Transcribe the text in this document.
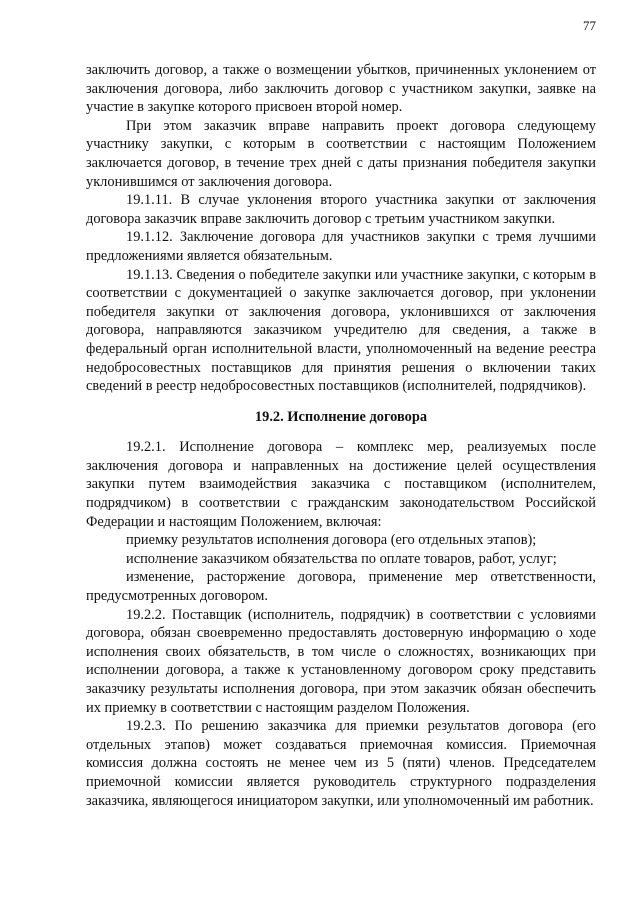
77

заключить договор, а также о возмещении убытков, причиненных уклонением от заключения договора, либо заключить договор с участником закупки, заявке на участие в закупке которого присвоен второй номер.

При этом заказчик вправе направить проект договора следующему участнику закупки, с которым в соответствии с настоящим Положением заключается договор, в течение трех дней с даты признания победителя закупки уклонившимся от заключения договора.

19.1.11. В случае уклонения второго участника закупки от заключения договора заказчик вправе заключить договор с третьим участником закупки.

19.1.12. Заключение договора для участников закупки с тремя лучшими предложениями является обязательным.

19.1.13. Сведения о победителе закупки или участнике закупки, с которым в соответствии с документацией о закупке заключается договор, при уклонении победителя закупки от заключения договора, уклонившихся от заключения договора, направляются заказчиком учредителю для сведения, а также в федеральный орган исполнительной власти, уполномоченный на ведение реестра недобросовестных поставщиков для принятия решения о включении таких сведений в реестр недобросовестных поставщиков (исполнителей, подрядчиков).

19.2. Исполнение договора

19.2.1. Исполнение договора – комплекс мер, реализуемых после заключения договора и направленных на достижение целей осуществления закупки путем взаимодействия заказчика с поставщиком (исполнителем, подрядчиком) в соответствии с гражданским законодательством Российской Федерации и настоящим Положением, включая:

приемку результатов исполнения договора (его отдельных этапов);

исполнение заказчиком обязательства по оплате товаров, работ, услуг;

изменение, расторжение договора, применение мер ответственности, предусмотренных договором.

19.2.2. Поставщик (исполнитель, подрядчик) в соответствии с условиями договора, обязан своевременно предоставлять достоверную информацию о ходе исполнения своих обязательств, в том числе о сложностях, возникающих при исполнении договора, а также к установленному договором сроку представить заказчику результаты исполнения договора, при этом заказчик обязан обеспечить их приемку в соответствии с настоящим разделом Положения.

19.2.3. По решению заказчика для приемки результатов договора (его отдельных этапов) может создаваться приемочная комиссия. Приемочная комиссия должна состоять не менее чем из 5 (пяти) членов. Председателем приемочной комиссии является руководитель структурного подразделения заказчика, являющегося инициатором закупки, или уполномоченный им работник.
